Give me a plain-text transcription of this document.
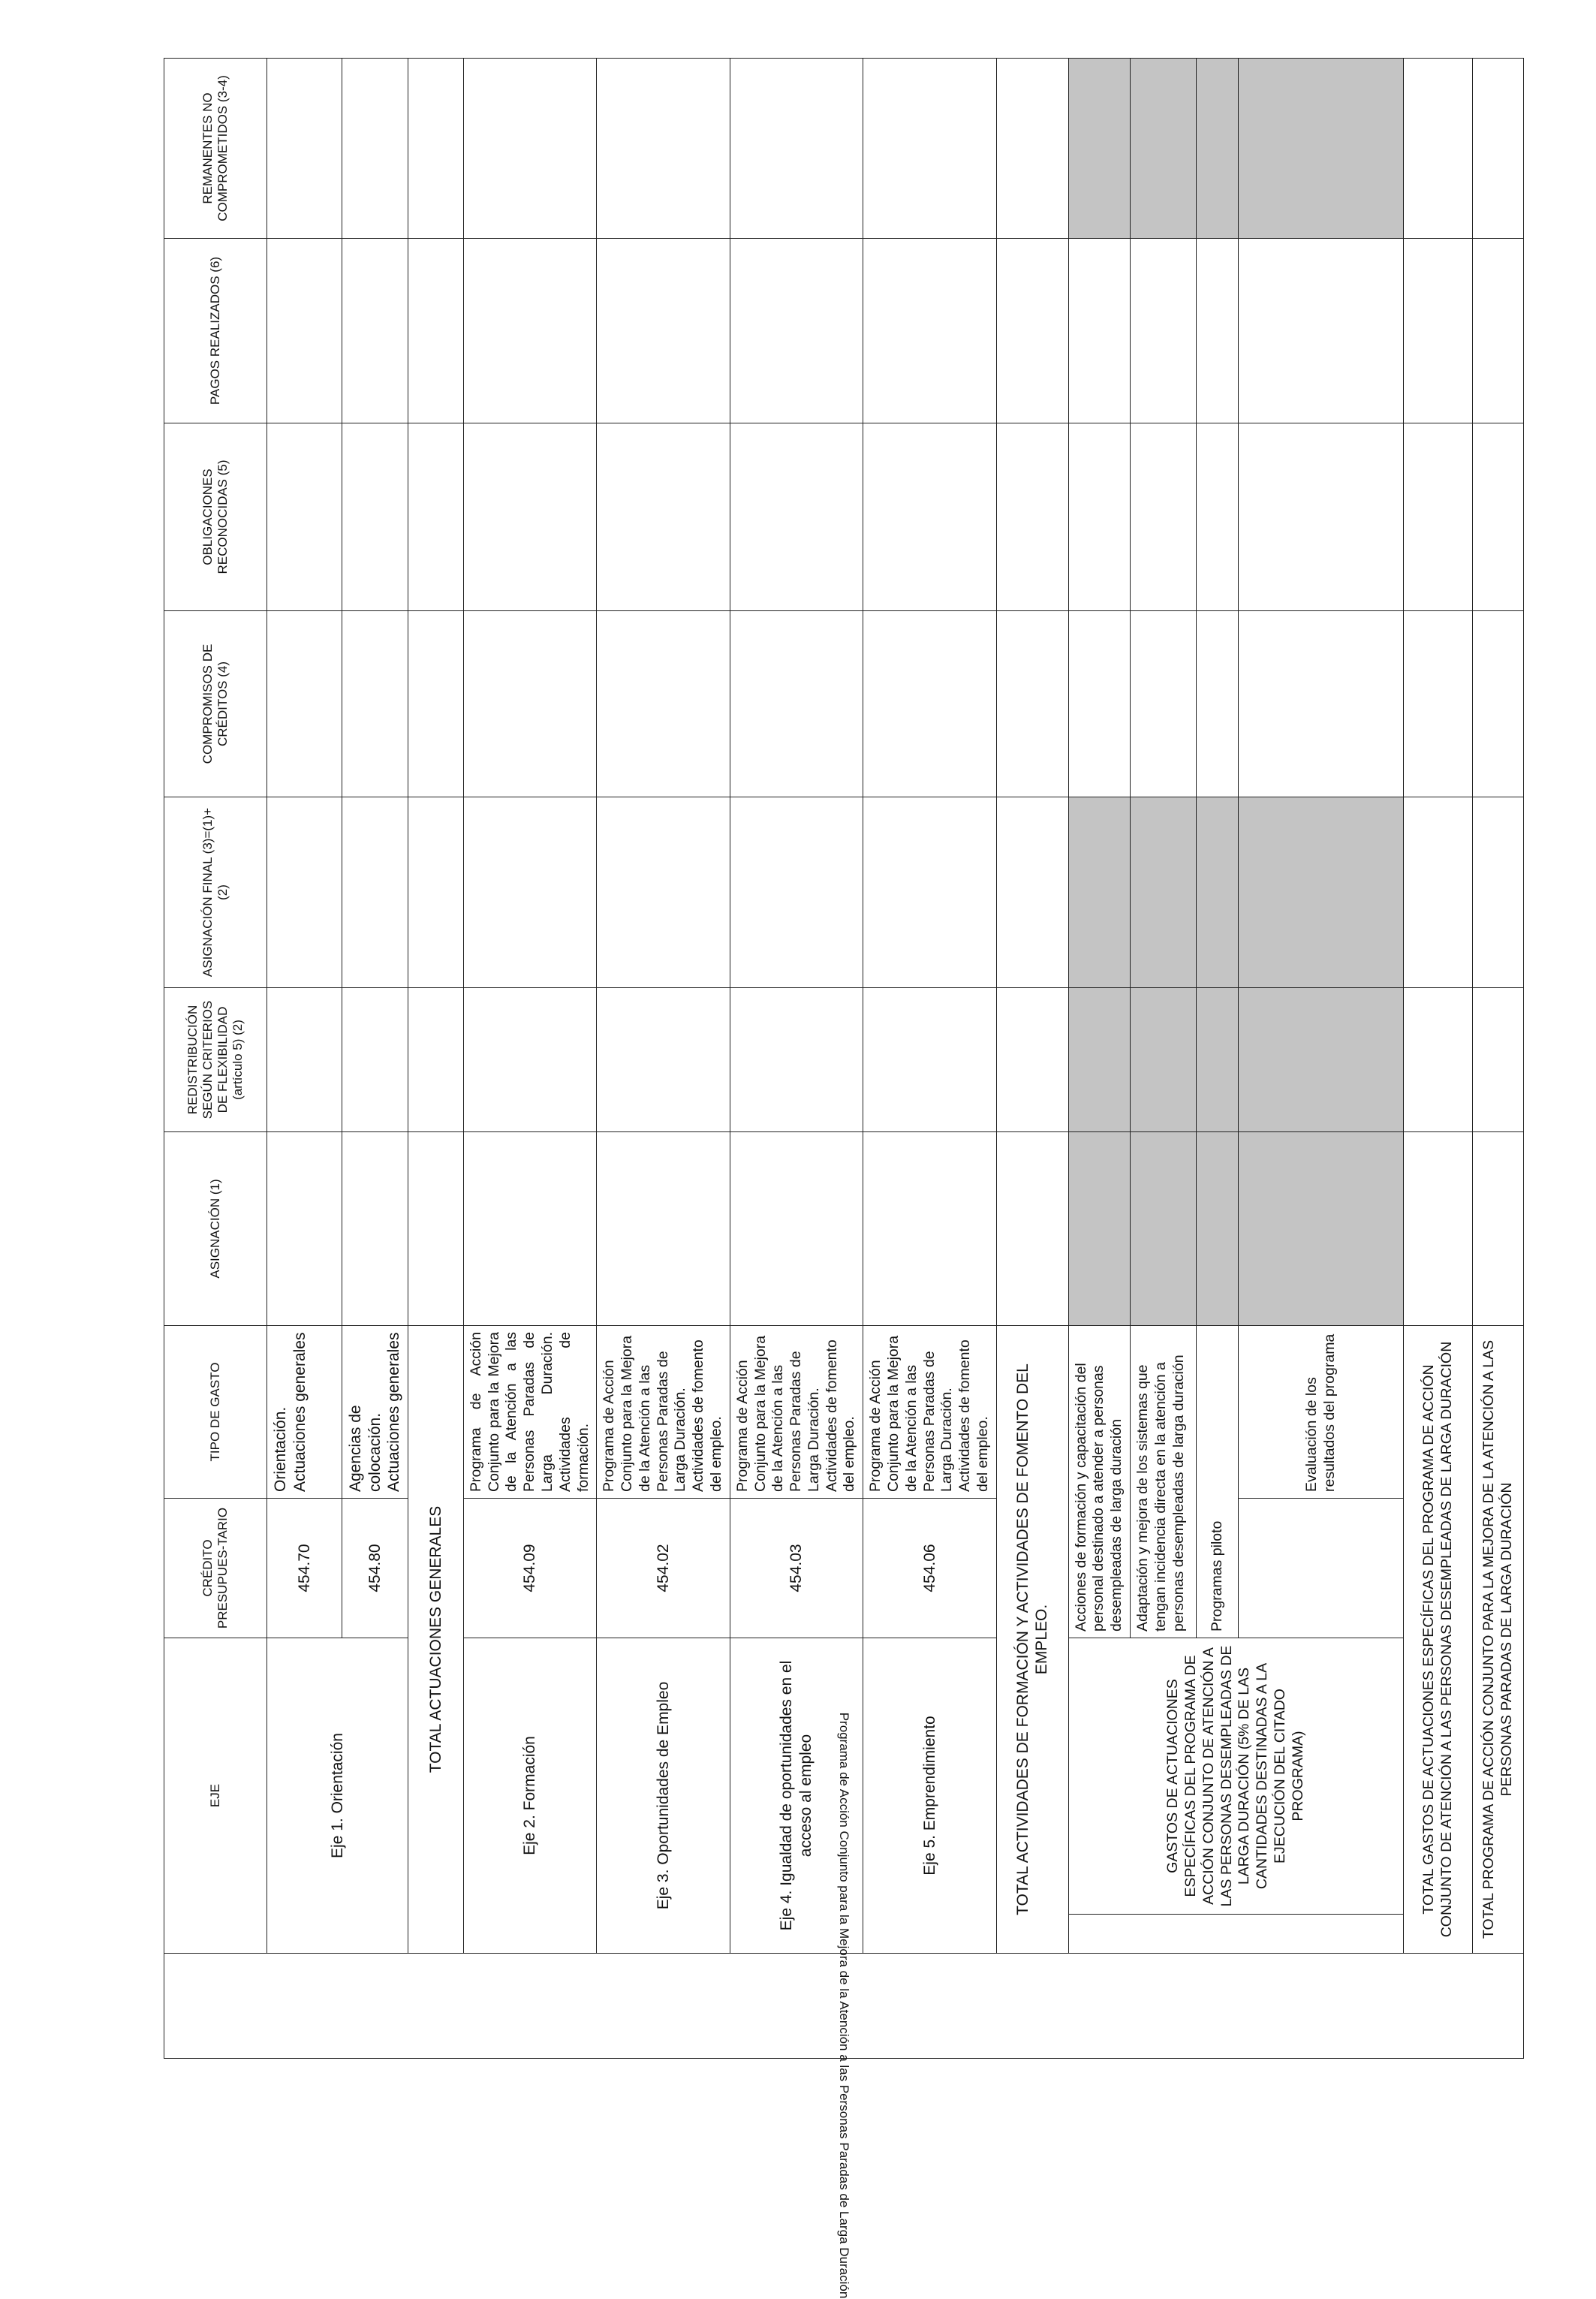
Programa de Acción Conjunto para la Mejora de la Atención a las Personas Paradas de Larga Duración	EJE		CRÉDITO PRESUPUES-TARIO	TIPO DE GASTO	ASIGNACIÓN (1)	REDISTRIBUCIÓN SEGÚN CRITERIOS DE FLEXIBILIDAD (artículo 5) (2)	ASIGNACIÓN FINAL (3)=(1)+(2)	COMPROMISOS DE CRÉDITOS (4)	OBLIGACIONES RECONOCIDAS (5)	PAGOS REALIZADOS (6)	REMANENTES NO COMPROMETIDOS (3-4)	
	Eje 1. Orientación		454.70	Orientación. Actuaciones generales								
			454.80	Agencias de colocación. Actuaciones generales								
	TOTAL ACTUACIONES GENERALES											
	Eje 2. Formación		454.09	Programa de Acción Conjunto para la Mejora de la Atención a las Personas Paradas de Larga Duración. Actividades de formación.								
	Eje 3. Oportunidades de Empleo		454.02	Programa de Acción Conjunto para la Mejora de la Atención a las Personas Paradas de Larga Duración. Actividades de fomento del empleo.								
	Eje 4. Igualdad de oportunidades en el acceso al empleo		454.03	Programa de Acción Conjunto para la Mejora de la Atención a las Personas Paradas de Larga Duración. Actividades de fomento del empleo.								
	Eje 5. Emprendimiento		454.06	Programa de Acción Conjunto para la Mejora de la Atención a las Personas Paradas de Larga Duración. Actividades de fomento del empleo.								
	TOTAL ACTIVIDADES DE FORMACIÓN Y ACTIVIDADES DE FOMENTO DEL EMPLEO.											
		GASTOS DE ACTUACIONES ESPECÍFICAS DEL PROGRAMA DE ACCIÓN CONJUNTO DE ATENCIÓN A LAS PERSONAS DESEMPLEADAS DE LARGA DURACIÓN (5% DE LAS CANTIDADES DESTINADAS A LA EJECUCIÓN DEL CITADO PROGRAMA)	Acciones de formación y capacitación del personal destinado a atender a personas desempleadas de larga duración									
			Adaptación y mejora de los sistemas que tengan incidencia directa en la atención a personas desempleadas de larga duración									
			Programas piloto									
				Evaluación de los resultados del programa								
	TOTAL GASTOS DE ACTUACIONES ESPECÍFICAS DEL PROGRAMA DE ACCIÓN CONJUNTO DE ATENCIÓN A LAS PERSONAS DESEMPLEADAS DE LARGA DURACIÓN											
	TOTAL PROGRAMA DE ACCIÓN CONJUNTO PARA LA MEJORA DE LA ATENCIÓN A LAS PERSONAS PARADAS DE LARGA DURACIÓN											
